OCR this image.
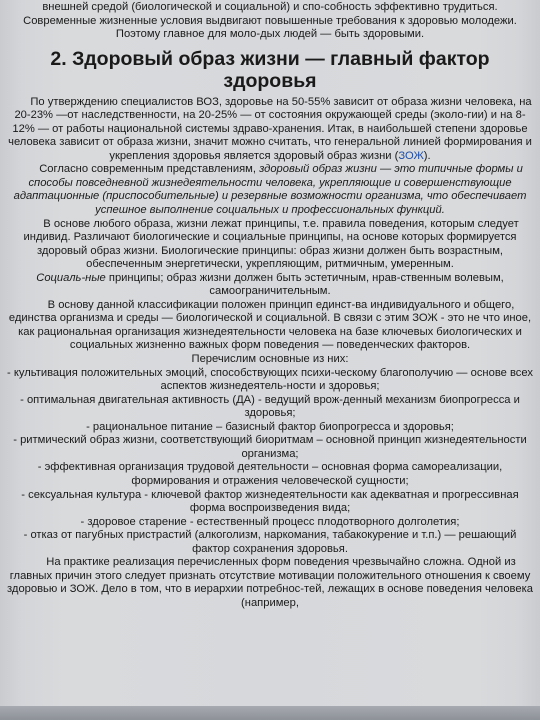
внешней средой (биологической и социальной) и спо-собность эффективно трудиться. Современные жизненные условия выдвигают повышенные требования к здоровью молодежи. Поэтому главное для моло-дых людей — быть здоровыми.

2. Здоровый образ жизни — главный фактор здоровья

По утверждению специалистов ВОЗ, здоровье на 50-55% зависит от образа жизни человека, на 20-23% —от наследственности, на 20-25% — от состояния окружающей среды (эколо-гии) и на 8-12% — от работы национальной системы здраво-хранения. Итак, в наибольшей степени здоровье человека зависит от образа жизни, значит можно считать, что генеральной линией формирования и укрепления здоровья является здоровый образ жизни (ЗОЖ).

Согласно современным представлениям, здоровый образ жизни — это типичные формы и способы повседневной жизнедеятельности человека, укрепляющие и совершенствующие адаптационные (приспособительные) и резервные возможности организма, что обеспечивает успешное выполнение социальных и профессиональных функций.

В основе любого образа, жизни лежат принципы, т.е. правила поведения, которым следует индивид. Различают биологические и социальные принципы, на основе которых формируется здоровый образ жизни. Биологические принципы: образ жизни должен быть возрастным, обеспеченным энергетически, укрепляющим, ритмичным, умеренным.

Социаль-ные принципы; образ жизни должен быть эстетичным, нрав-ственным волевым, самоограничительным.

В основу данной классификации положен принцип единст-ва индивидуального и общего, единства организма и среды — биологической и социальной. В связи с этим ЗОЖ - это не что иное, как рациональная организация жизнедеятельности человека на базе ключевых биологических и социальных жизненно важных форм поведения — поведенческих факторов.

Перечислим основные из них:

- культивация положительных эмоций, способствующих психи-ческому благополучию — основе всех аспектов жизнедеятель-ности и здоровья;

- оптимальная двигательная активность (ДА) - ведущий врож-денный механизм биопрогресса и здоровья;

- рациональное питание – базисный фактор биопрогресса и здоровья;

- ритмический образ жизни, соответствующий биоритмам – основной принцип жизнедеятельности организма;

- эффективная организация трудовой деятельности – основная форма самореализации, формирования и отражения человеческой сущности;

- сексуальная культура - ключевой фактор жизнедеятельности как адекватная и прогрессивная форма воспроизведения вида;

- здоровое старение - естественный процесс плодотворного долголетия;

- отказ от пагубных пристрастий (алкоголизм, наркомания, табакокурение и т.п.) — решающий фактор сохранения здоровья.

На практике реализация перечисленных форм поведения чрезвычайно сложна. Одной из главных причин этого следует признать отсутствие мотивации положительного отношения к своему здоровью и ЗОЖ. Дело в том, что в иерархии потребнос-тей, лежащих в основе поведения человека (например,
